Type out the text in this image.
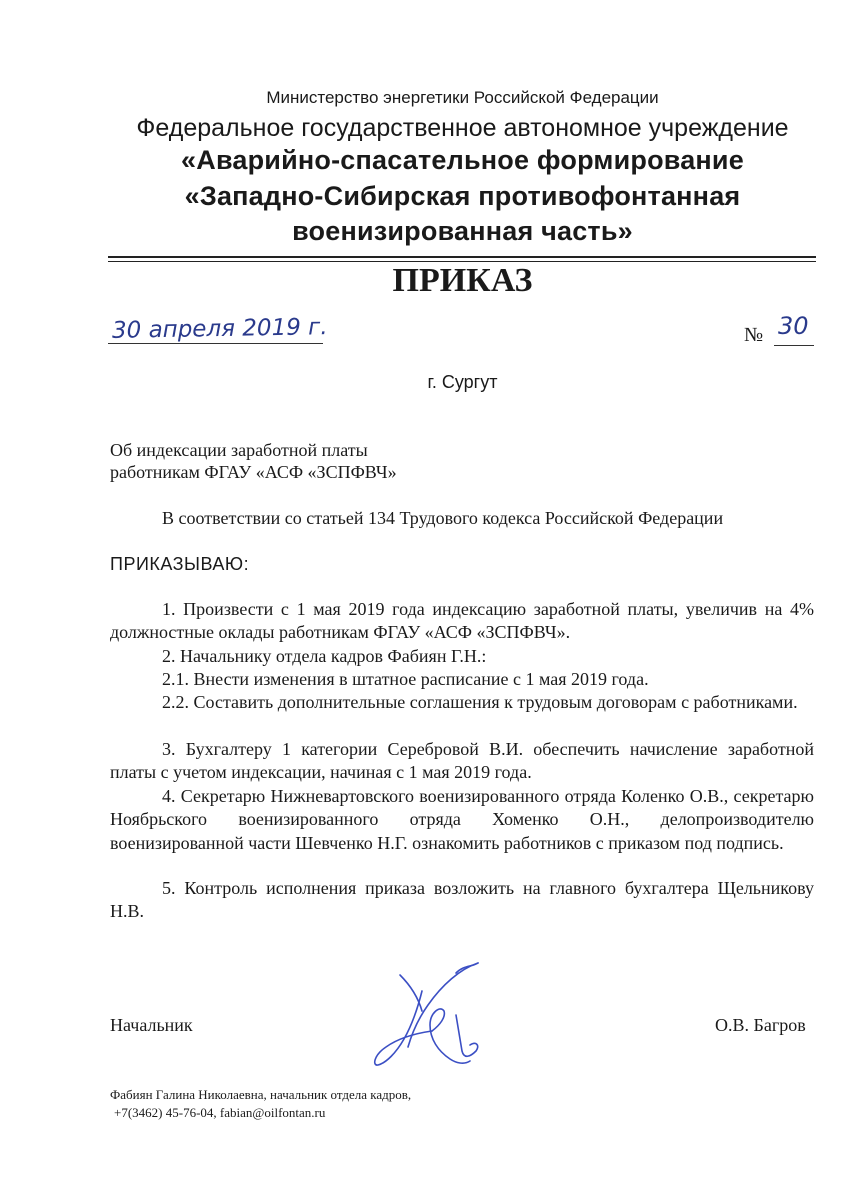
Министерство энергетики Российской Федерации
Федеральное государственное автономное учреждение
«Аварийно-спасательное формирование
«Западно-Сибирская противофонтанная
военизированная часть»
ПРИКАЗ
30 апреля 2019 г.	№ 30
г. Сургут
Об индексации заработной платы
работникам ФГАУ «АСФ «ЗСПФВЧ»
В соответствии со статьей 134 Трудового кодекса Российской Федерации
ПРИКАЗЫВАЮ:
1. Произвести с 1 мая 2019 года индексацию заработной платы, увеличив на 4% должностные оклады работникам ФГАУ «АСФ «ЗСПФВЧ».
2. Начальнику отдела кадров Фабиян Г.Н.:
2.1. Внести изменения в штатное расписание с 1 мая 2019 года.
2.2. Составить дополнительные соглашения к трудовым договорам с работниками.
3. Бухгалтеру 1 категории Серебровой В.И. обеспечить начисление заработной платы с учетом индексации, начиная с 1 мая 2019 года.
4. Секретарю Нижневартовского военизированного отряда Коленко О.В., секретарю Ноябрьского военизированного отряда Хоменко О.Н., делопроизводителю военизированной части Шевченко Н.Г. ознакомить работников с приказом под подпись.
5. Контроль исполнения приказа возложить на главного бухгалтера Щельникову Н.В.
Начальник	О.В. Багров
Фабиян Галина Николаевна, начальник отдела кадров,
+7(3462) 45-76-04, fabian@oilfontan.ru
